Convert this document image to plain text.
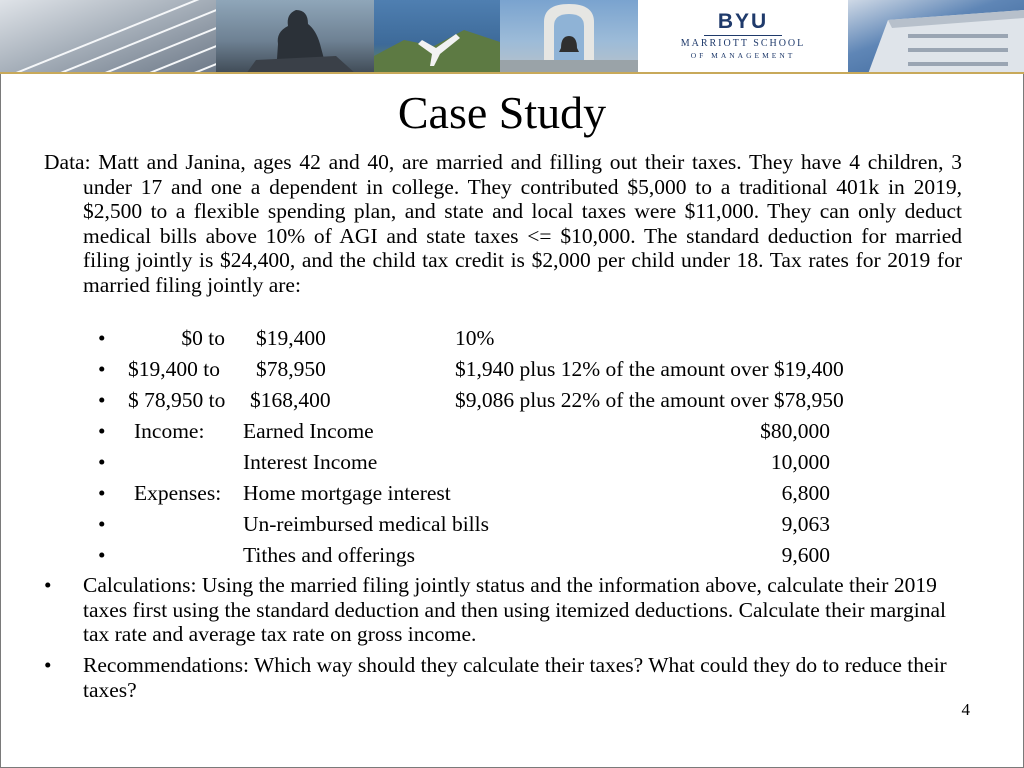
BYU
MARRIOTT SCHOOL
OF MANAGEMENT
Case Study
Data: Matt and Janina, ages 42 and 40, are married and filling out their taxes. They have 4 children, 3 under 17 and one a dependent in college. They contributed $5,000 to a traditional 401k in 2019, $2,500 to a flexible spending plan, and state and local taxes were $11,000. They can only deduct medical bills above 10% of AGI and state taxes <= $10,000. The standard deduction for married filing jointly is $24,400, and the child tax credit is $2,000 per child under 18. Tax rates for 2019 for married filing jointly are:
•	$0 to $19,400	10%
• $19,400 to $78,950	$1,940 plus 12% of the amount over $19,400
• $ 78,950 to $168,400	$9,086 plus 22% of the amount over $78,950
• Income: Earned Income	$80,000
•	Interest Income	10,000
• Expenses: Home mortgage interest	6,800
•	Un-reimbursed medical bills	9,063
•	Tithes and offerings	9,600
• Calculations: Using the married filing jointly status and the information above, calculate their 2019 taxes first using the standard deduction and then using itemized deductions. Calculate their marginal tax rate and average tax rate on gross income.
• Recommendations: Which way should they calculate their taxes? What could they do to reduce their taxes?
4
